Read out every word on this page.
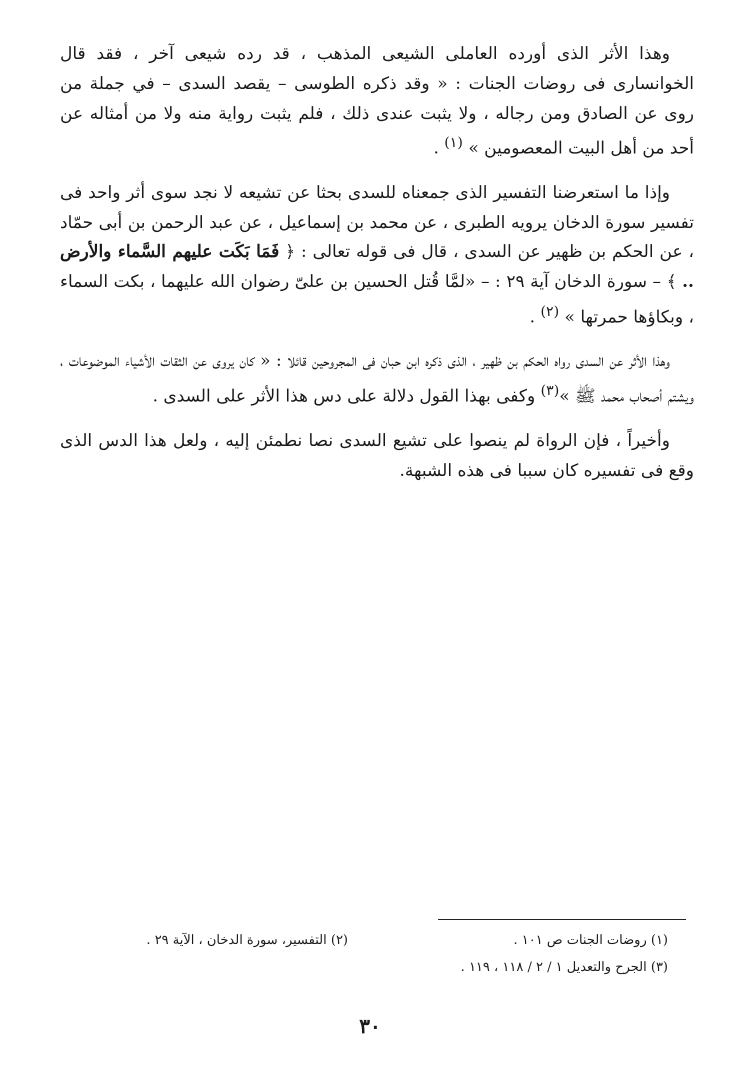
وهذا الأثر الذى أورده العاملى الشيعى المذهب ، قد رده شيعى آخر ، فقد قال الخوانسارى فى روضات الجنات : « وقد ذكره الطوسى – يقصد السدى – في جملة من روى عن الصادق ومن رجاله ، ولا يثبت عندى ذلك ، فلم يثبت رواية منه ولا من أمثاله عن أحد من أهل البيت المعصومين » $^{(١)}$ .

وإذا ما استعرضنا التفسير الذى جمعناه للسدى بحثا عن تشيعه لا نجد سوى أثر واحد فى تفسير سورة الدخان يرويه الطبرى ، عن محمد بن إسماعيل ، عن عبد الرحمن بن أبى حمّاد ، عن الحكم بن ظهير عن السدى ، قال فى قوله تعالى : ﴿ فَمَا بَكَت عليهم السَّماء والأرض .. ﴾ – سورة الدخان آية ٢٩ : – «لمَّا قُتل الحسين بن علىّ رضوان الله عليهما ، بكت السماء ، وبكاؤها حمرتها » $^{(٢)}$ .

وهذا الأثر عن السدى رواه الحكم بن ظهير ، الذى ذكره ابن حبان فى المجروحين قائلا : « كان يروى عن الثقات الأشياء الموضوعات ، ويشتم أصحاب محمد ﷺ »$^{(٣)}$ وكفى بهذا القول دلالة على دس هذا الأثر على السدى .

وأخيراً ، فإن الرواة لم ينصوا على تشيع السدى نصا نطمئن إليه ، ولعل هذا الدس الذى وقع فى تفسيره كان سببا فى هذه الشبهة.

(١) روضات الجنات ص ١٠١ .
(٢) التفسير، سورة الدخان ، الآية ٢٩ .
(٣) الجرح والتعديل ١ / ٢ / ١١٨ ، ١١٩ .
٣٠
